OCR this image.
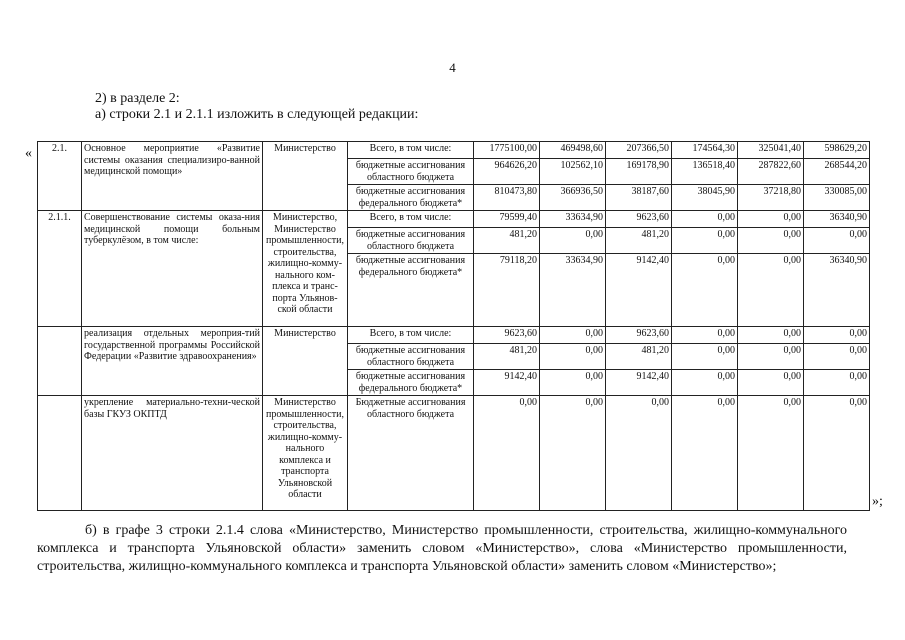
4
2) в разделе 2:
а) строки 2.1 и 2.1.1 изложить в следующей редакции:
« 2.1.	Основное мероприятие «Развитие системы оказания специализиро-ванной медицинской помощи»	Министерство	Всего, в том числе:	1775100,00	469498,60	207366,50	174564,30	325041,40	598629,20
			бюджетные ассигнования областного бюджета	964626,20	102562,10	169178,90	136518,40	287822,60	268544,20
			бюджетные ассигнования федерального бюджета*	810473,80	366936,50	38187,60	38045,90	37218,80	330085,00
2.1.1.	Совершенствование системы оказа-ния медицинской помощи больным туберкулёзом, в том числе:	Министерство, Министерство промышленности, строительства, жилищно-комму-нального ком-плекса и транс-порта Ульянов-ской области	Всего, в том числе:	79599,40	33634,90	9623,60	0,00	0,00	36340,90
			бюджетные ассигнования областного бюджета	481,20	0,00	481,20	0,00	0,00	0,00
			бюджетные ассигнования федерального бюджета*	79118,20	33634,90	9142,40	0,00	0,00	36340,90
	реализация отдельных мероприя-тий государственной программы Российской Федерации «Развитие здравоохранения»	Министерство	Всего, в том числе:	9623,60	0,00	9623,60	0,00	0,00	0,00
			бюджетные ассигнования областного бюджета	481,20	0,00	481,20	0,00	0,00	0,00
			бюджетные ассигнования федерального бюджета*	9142,40	0,00	9142,40	0,00	0,00	0,00
	укрепление материально-техни-ческой базы ГКУЗ ОКПТД	Министерство промышленности, строительства, жилищно-комму-нального комплекса и транспорта Ульяновской области	Бюджетные ассигнования областного бюджета	0,00	0,00	0,00	0,00	0,00	0,00
»;
б) в графе 3 строки 2.1.4 слова «Министерство, Министерство промышленности, строительства, жилищно-коммунального комплекса и транспорта Ульяновской области» заменить словом «Министерство», слова «Министерство промышленности, строительства, жилищно-коммунального комплекса и транспорта Ульяновской области» заменить словом «Министерство»;
